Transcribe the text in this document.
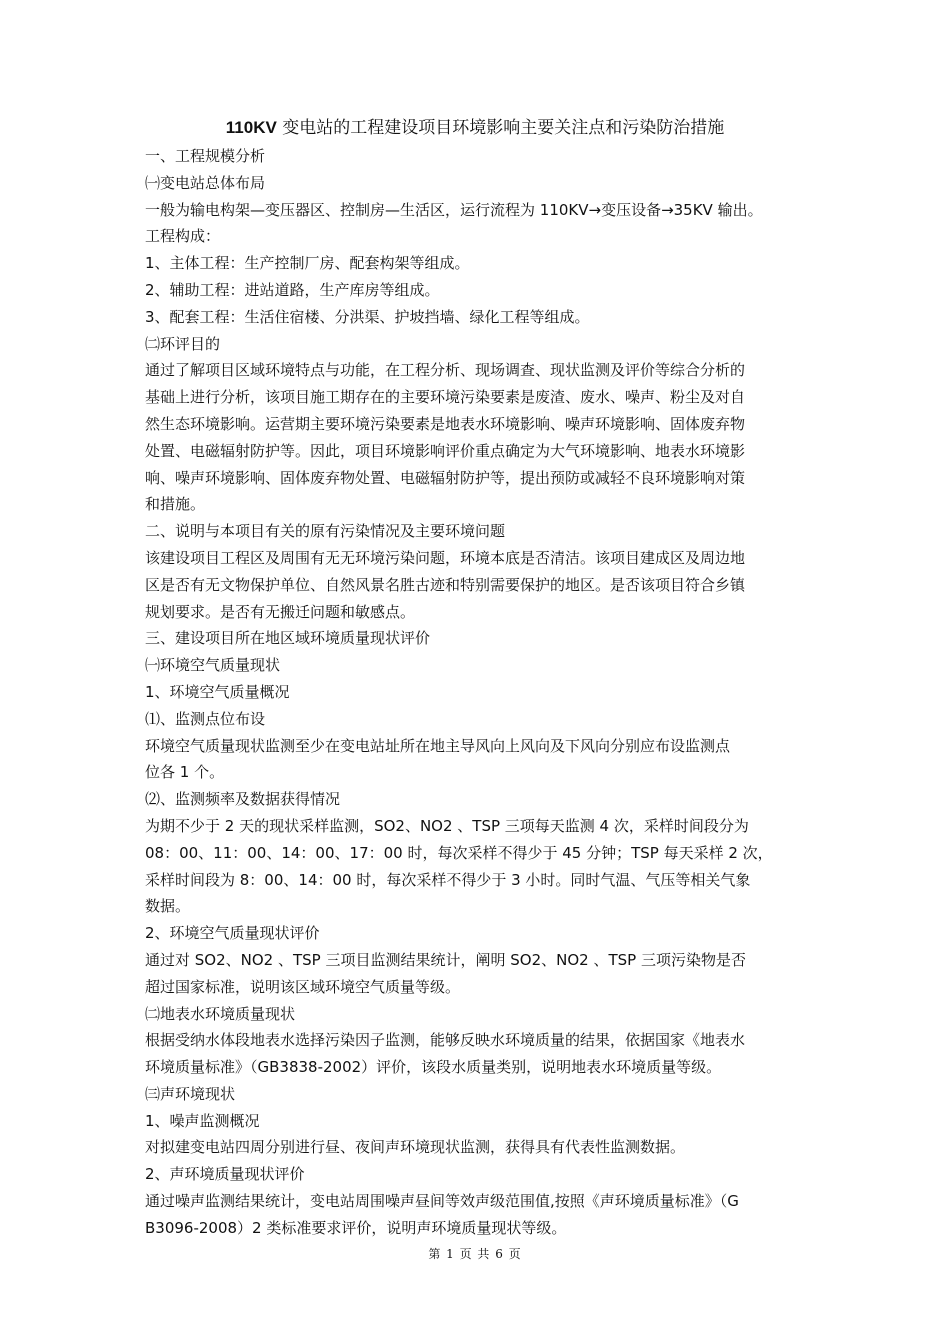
110KV 变电站的工程建设项目环境影响主要关注点和污染防治措施
一、工程规模分析
㈠变电站总体布局
一般为输电构架—变压器区、控制房—生活区，运行流程为 110KV→变压设备→35KV 输出。
工程构成：
1、主体工程：生产控制厂房、配套构架等组成。
2、辅助工程：进站道路，生产库房等组成。
3、配套工程：生活住宿楼、分洪渠、护坡挡墙、绿化工程等组成。
㈡环评目的
通过了解项目区域环境特点与功能，在工程分析、现场调查、现状监测及评价等综合分析的
基础上进行分析，该项目施工期存在的主要环境污染要素是废渣、废水、噪声、粉尘及对自
然生态环境影响。运营期主要环境污染要素是地表水环境影响、噪声环境影响、固体废弃物
处置、电磁辐射防护等。因此，项目环境影响评价重点确定为大气环境影响、地表水环境影
响、噪声环境影响、固体废弃物处置、电磁辐射防护等，提出预防或减轻不良环境影响对策
和措施。
二、说明与本项目有关的原有污染情况及主要环境问题
该建设项目工程区及周围有无无环境污染问题，环境本底是否清洁。该项目建成区及周边地
区是否有无文物保护单位、自然风景名胜古迹和特别需要保护的地区。是否该项目符合乡镇
规划要求。是否有无搬迁问题和敏感点。
三、建设项目所在地区域环境质量现状评价
㈠环境空气质量现状
1、环境空气质量概况
⑴、监测点位布设
环境空气质量现状监测至少在变电站址所在地主导风向上风向及下风向分别应布设监测点
位各 1 个。
⑵、监测频率及数据获得情况
为期不少于 2 天的现状采样监测，SO2、NO2 、TSP 三项每天监测 4 次，采样时间段分为
08：00、11：00、14：00、17：00 时，每次采样不得少于 45 分钟；TSP 每天采样 2 次，
采样时间段为 8：00、14：00 时，每次采样不得少于 3 小时。同时气温、气压等相关气象
数据。
2、环境空气质量现状评价
通过对 SO2、NO2 、TSP 三项目监测结果统计，阐明 SO2、NO2 、TSP 三项污染物是否
超过国家标准，说明该区域环境空气质量等级。
㈡地表水环境质量现状
根据受纳水体段地表水选择污染因子监测，能够反映水环境质量的结果，依据国家《地表水
环境质量标准》（GB3838-2002）评价，该段水质量类别，说明地表水环境质量等级。
㈢声环境现状
1、噪声监测概况
对拟建变电站四周分别进行昼、夜间声环境现状监测，获得具有代表性监测数据。
2、声环境质量现状评价
通过噪声监测结果统计，变电站周围噪声昼间等效声级范围值,按照《声环境质量标准》（G
B3096-2008）2 类标准要求评价，说明声环境质量现状等级。
第 1 页 共 6 页
